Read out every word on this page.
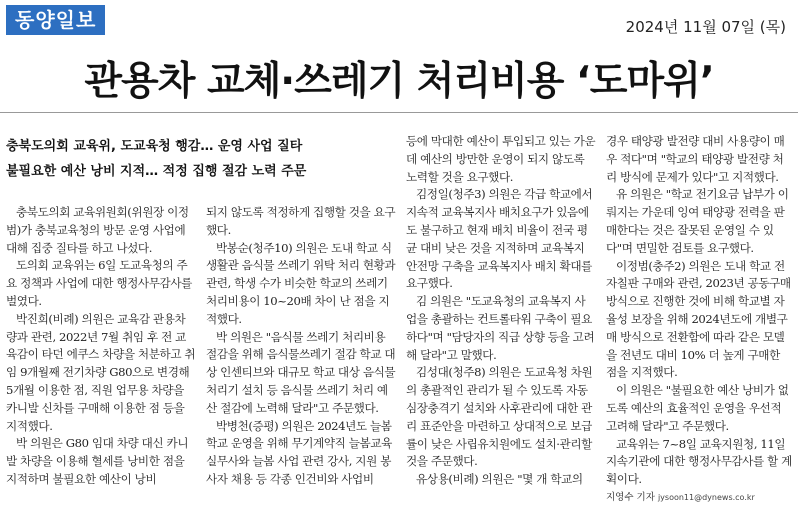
동양일보	2024년 11월 07일 (목)
관용차 교체·쓰레기 처리비용 ‘도마위’
충북도의회 교육위, 도교육청 행감… 운영 사업 질타
불필요한 예산 낭비 지적… 적정 집행 절감 노력 주문

충북도의회 교육위원회(위원장 이정범)가 충북교육청의 방문 운영 사업에 대해 집중 질타를 하고 나섰다.

도의회 교육위는 6일 도교육청의 주요 정책과 사업에 대한 행정사무감사를 벌였다.

박진희(비례) 의원은 교육감 관용차량과 관련, 2022년 7월 취임 후 전 교육감이 타던 에쿠스 차량을 처분하고 취임 9개월째 전기차량 G80으로 변경해 5개월 이용한 점, 직원 업무용 차량을 카니발 신차를 구매해 이용한 점 등을 지적했다.

박 의원은 G80 임대 차량 대신 카니발 차량을 이용해 혈세를 낭비한 점을 지적하며 불필요한 예산이 낭비

되지 않도록 적정하게 집행할 것을 요구했다.

박봉순(청주10) 의원은 도내 학교 식생활관 음식물 쓰레기 위탁 처리 현황과 관련, 학생 수가 비슷한 학교의 쓰레기 처리비용이 10~20배 차이 난 점을 지적했다.

박 의원은 "음식물 쓰레기 처리비용 절감을 위해 음식물쓰레기 절감 학교 대상 인센티브와 대규모 학교 대상 음식물처리기 설치 등 음식물 쓰레기 처리 예산 절감에 노력해 달라"고 주문했다.

박병천(증평) 의원은 2024년도 늘봄학교 운영을 위해 무기계약직 늘봄교육실무사와 늘봄 사업 관련 강사, 지원 봉사자 채용 등 각종 인건비와 사업비

등에 막대한 예산이 투입되고 있는 가운데 예산의 방만한 운영이 되지 않도록 노력할 것을 요구했다.

김정일(청주3) 의원은 각급 학교에서 지속적 교육복지사 배치요구가 있음에도 불구하고 현재 배치 비율이 전국 평균 대비 낮은 것을 지적하며 교육복지 안전망 구축을 교육복지사 배치 확대를 요구했다.

김 의원은 "도교육청의 교육복지 사업을 총괄하는 컨트롤타워 구축이 필요하다"며 "담당자의 직급 상향 등을 고려해 달라"고 말했다.

김성대(청주8) 의원은 도교육청 차원의 총괄적인 관리가 될 수 있도록 자동심장충격기 설치와 사후관리에 대한 관리 표준안을 마련하고 상대적으로 보급률이 낮은 사립유치원에도 설치·관리할 것을 주문했다.

유상용(비례) 의원은 "몇 개 학교의

경우 태양광 발전량 대비 사용량이 매우 적다"며 "학교의 태양광 발전량 처리 방식에 문제가 있다"고 지적했다.

유 의원은 "학교 전기요금 납부가 이뤄지는 가운데 잉여 태양광 전력을 판매한다는 것은 잘못된 운영일 수 있다"며 면밀한 검토를 요구했다.

이정범(충주2) 의원은 도내 학교 전자칠판 구매와 관련, 2023년 공동구매 방식으로 진행한 것에 비해 학교별 자율성 보장을 위해 2024년도에 개별구매 방식으로 전환함에 따라 같은 모델을 전년도 대비 10% 더 높게 구매한 점을 지적했다.

이 의원은 "불필요한 예산 낭비가 없도록 예산의 효율적인 운영을 우선적 고려해 달라"고 주문했다.

교육위는 7~8일 교육지원청, 11일 지속기관에 대한 행정사무감사를 할 계획이다.

지영수 기자 jysoon11@dynews.co.kr
